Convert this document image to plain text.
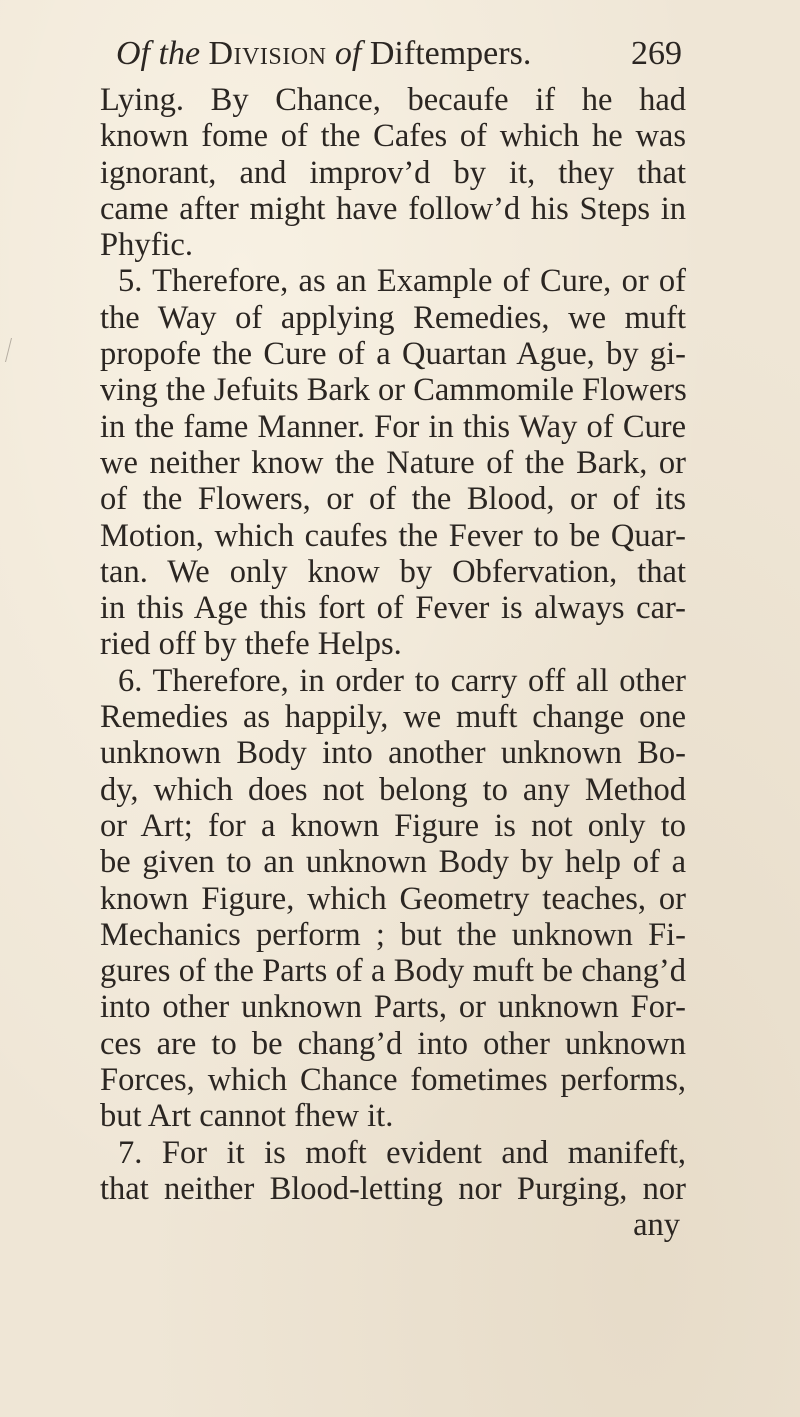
Of the Division of Diftempers.	269
Lying. By Chance, becaufe if he had
known fome of the Cafes of which he was
ignorant, and improv’d by it, they that
came after might have follow’d his Steps in
Phyfic.
5. Therefore, as an Example of Cure, or of
the Way of applying Remedies, we muft
propofe the Cure of a Quartan Ague, by gi-
ving the Jefuits Bark or Cammomile Flowers
in the fame Manner. For in this Way of Cure
we neither know the Nature of the Bark, or
of the Flowers, or of the Blood, or of its
Motion, which caufes the Fever to be Quar-
tan. We only know by Obfervation, that
in this Age this fort of Fever is always car-
ried off by thefe Helps.
6. Therefore, in order to carry off all other
Remedies as happily, we muft change one
unknown Body into another unknown Bo-
dy, which does not belong to any Method
or Art; for a known Figure is not only to
be given to an unknown Body by help of a
known Figure, which Geometry teaches, or
Mechanics perform ; but the unknown Fi-
gures of the Parts of a Body muft be chang’d
into other unknown Parts, or unknown For-
ces are to be chang’d into other unknown
Forces, which Chance fometimes performs,
but Art cannot fhew it.
7. For it is moft evident and manifeft,
that neither Blood-letting nor Purging, nor
any
